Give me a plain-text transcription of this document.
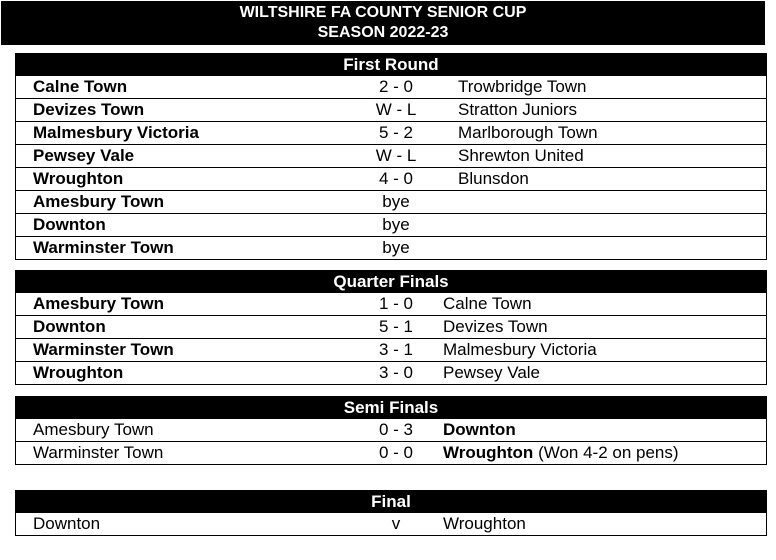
WILTSHIRE FA COUNTY SENIOR CUP
SEASON 2022-23
First Round
Calne Town	2 - 0	Trowbridge Town
Devizes Town	W - L	Stratton Juniors
Malmesbury Victoria	5 - 2	Marlborough Town
Pewsey Vale	W - L	Shrewton United
Wroughton	4 - 0	Blunsdon
Amesbury Town	bye
Downton	bye
Warminster Town	bye
Quarter Finals
Amesbury Town	1 - 0	Calne Town
Downton	5 - 1	Devizes Town
Warminster Town	3 - 1	Malmesbury Victoria
Wroughton	3 - 0	Pewsey Vale
Semi Finals
Amesbury Town	0 - 3	Downton
Warminster Town	0 - 0	Wroughton (Won 4-2 on pens)
Final
Downton	v	Wroughton
